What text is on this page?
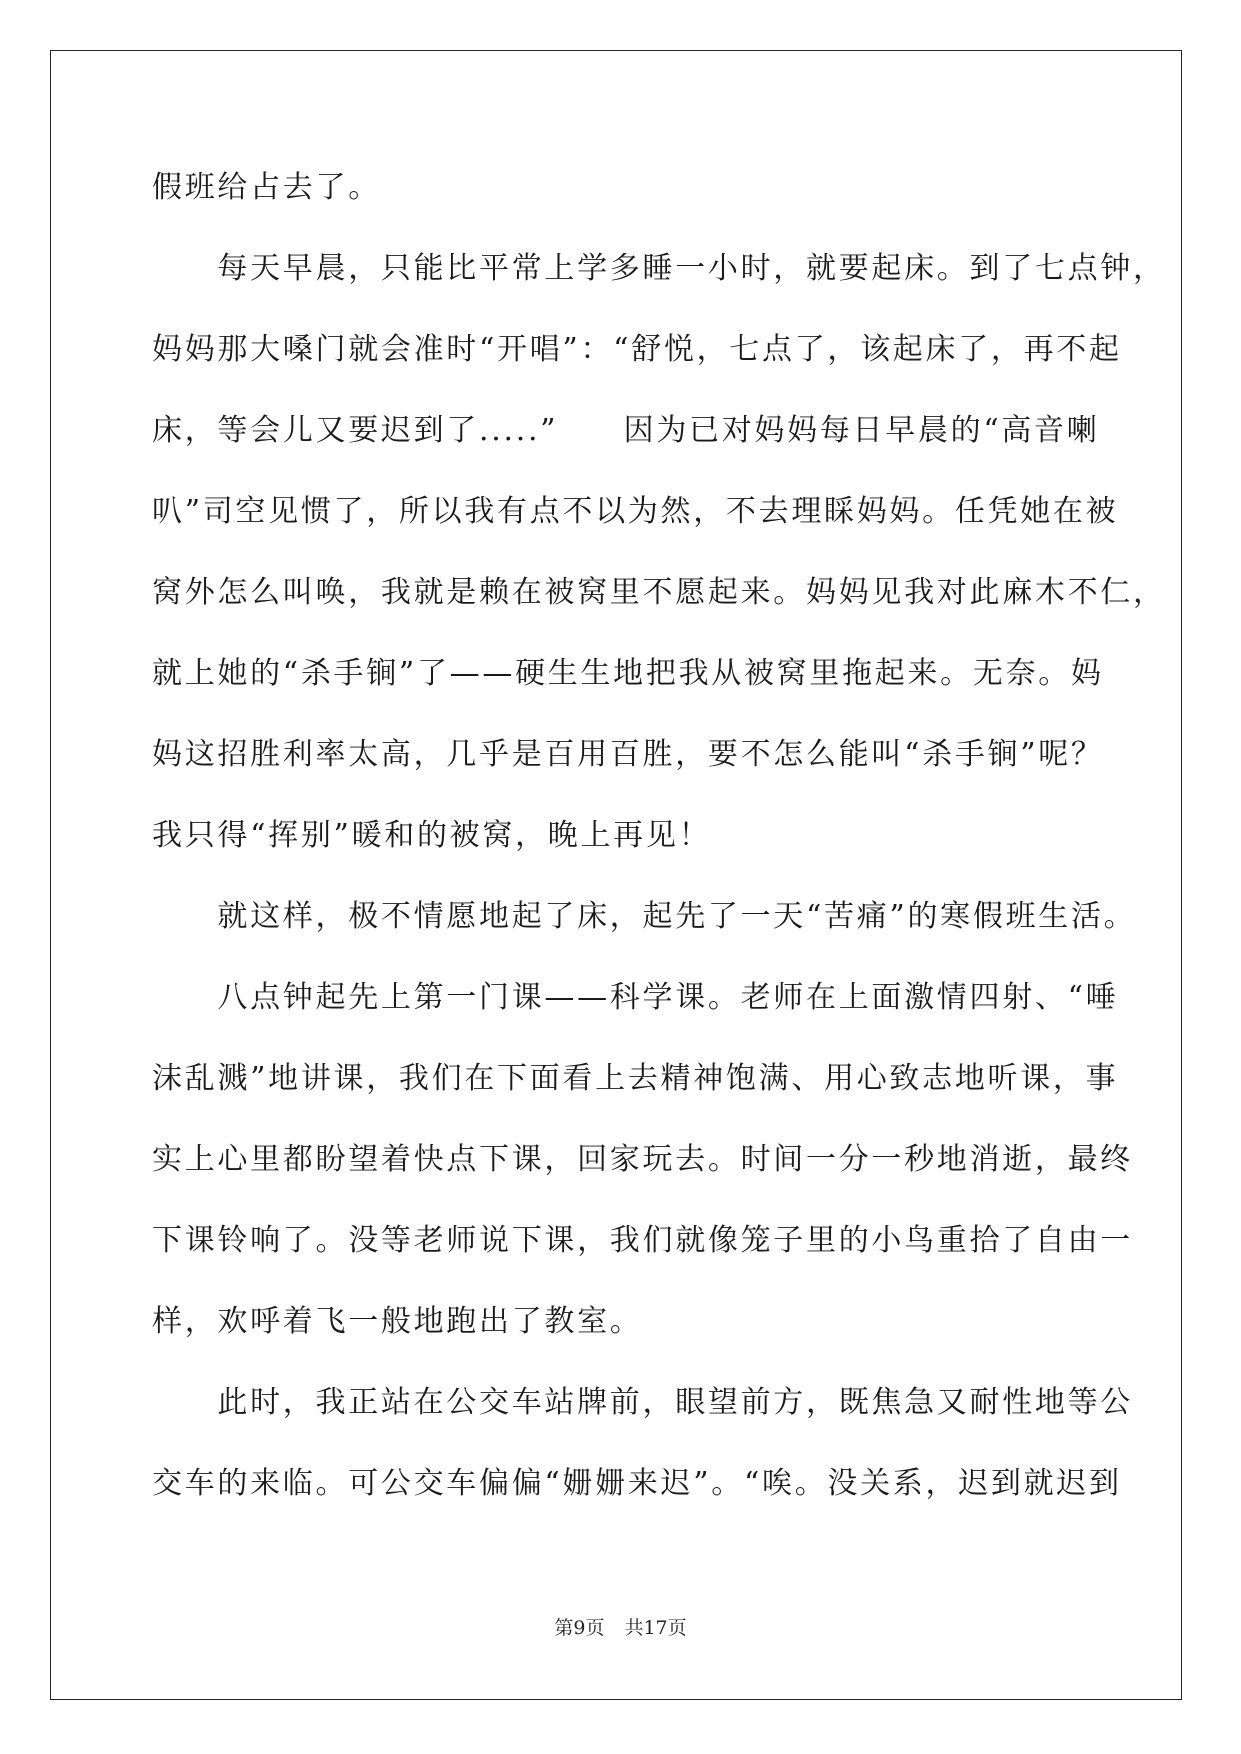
假班给占去了。

　　每天早晨，只能比平常上学多睡一小时，就要起床。到了七点钟，

妈妈那大嗓门就会准时“开唱”：“舒悦，七点了，该起床了，再不起

床，等会儿又要迟到了.....”　　因为已对妈妈每日早晨的“高音喇

叭”司空见惯了，所以我有点不以为然，不去理睬妈妈。任凭她在被

窝外怎么叫唤，我就是赖在被窝里不愿起来。妈妈见我对此麻木不仁，

就上她的“杀手锏”了——硬生生地把我从被窝里拖起来。无奈。妈

妈这招胜利率太高，几乎是百用百胜，要不怎么能叫“杀手锏”呢？

我只得“挥别”暖和的被窝，晚上再见！

　　就这样，极不情愿地起了床，起先了一天“苦痛”的寒假班生活。

　　八点钟起先上第一门课——科学课。老师在上面激情四射、“唾

沫乱溅”地讲课，我们在下面看上去精神饱满、用心致志地听课，事

实上心里都盼望着快点下课，回家玩去。时间一分一秒地消逝，最终

下课铃响了。没等老师说下课，我们就像笼子里的小鸟重拾了自由一

样，欢呼着飞一般地跑出了教室。

　　此时，我正站在公交车站牌前，眼望前方，既焦急又耐性地等公

交车的来临。可公交车偏偏“姗姗来迟”。“唉。没关系，迟到就迟到

第9页 共17页
